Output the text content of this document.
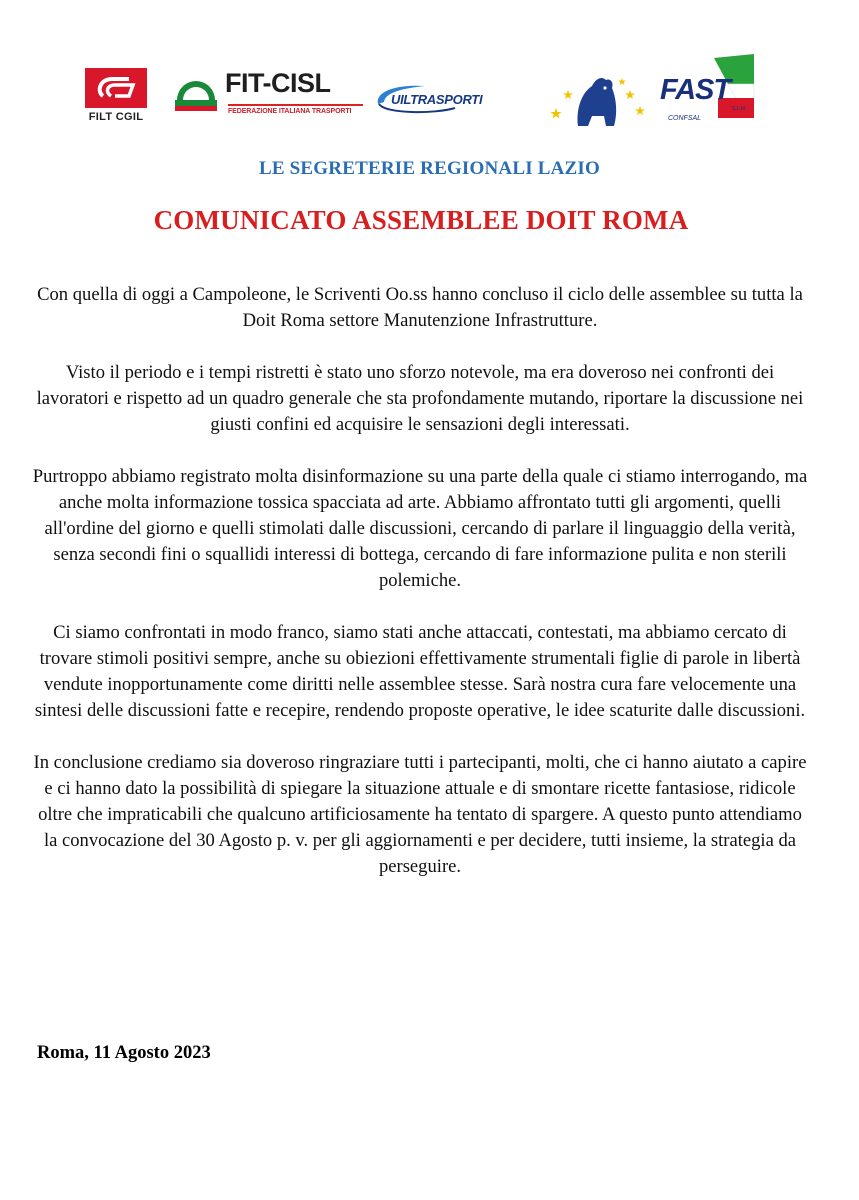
FILT CGIL
FIT-CISL
FEDERAZIONE ITALIANA TRASPORTI
UILTRASPORTI
CONFSAL
S.L.M.
FAST
LE SEGRETERIE REGIONALI LAZIO
COMUNICATO ASSEMBLEE DOIT ROMA

Con quella di oggi a Campoleone, le Scriventi Oo.ss hanno concluso il ciclo delle assemblee su tutta la Doit Roma settore Manutenzione Infrastrutture.

Visto il periodo e i tempi ristretti è stato uno sforzo notevole, ma era doveroso nei confronti dei lavoratori e rispetto ad un quadro generale che sta profondamente mutando, riportare la discussione nei giusti confini ed acquisire le sensazioni degli interessati.

Purtroppo abbiamo registrato molta disinformazione su una parte della quale ci stiamo interrogando, ma anche molta informazione tossica spacciata ad arte. Abbiamo affrontato tutti gli argomenti, quelli all'ordine del giorno e quelli stimolati dalle discussioni, cercando di parlare il linguaggio della verità, senza secondi fini o squallidi interessi di bottega, cercando di fare informazione pulita e non sterili polemiche.

Ci siamo confrontati in modo franco, siamo stati anche attaccati, contestati, ma abbiamo cercato di trovare stimoli positivi sempre, anche su obiezioni effettivamente strumentali figlie di parole in libertà vendute inopportunamente come diritti nelle assemblee stesse. Sarà nostra cura fare velocemente una sintesi delle discussioni fatte e recepire, rendendo proposte operative, le idee scaturite dalle discussioni.

In conclusione crediamo sia doveroso ringraziare tutti i partecipanti, molti, che ci hanno aiutato a capire e ci hanno dato la possibilità di spiegare la situazione attuale e di smontare ricette fantasiose, ridicole oltre che impraticabili che qualcuno artificiosamente ha tentato di spargere. A questo punto attendiamo la convocazione del 30 Agosto p. v. per gli aggiornamenti e per decidere, tutti insieme, la strategia da perseguire.

Roma, 11 Agosto 2023
